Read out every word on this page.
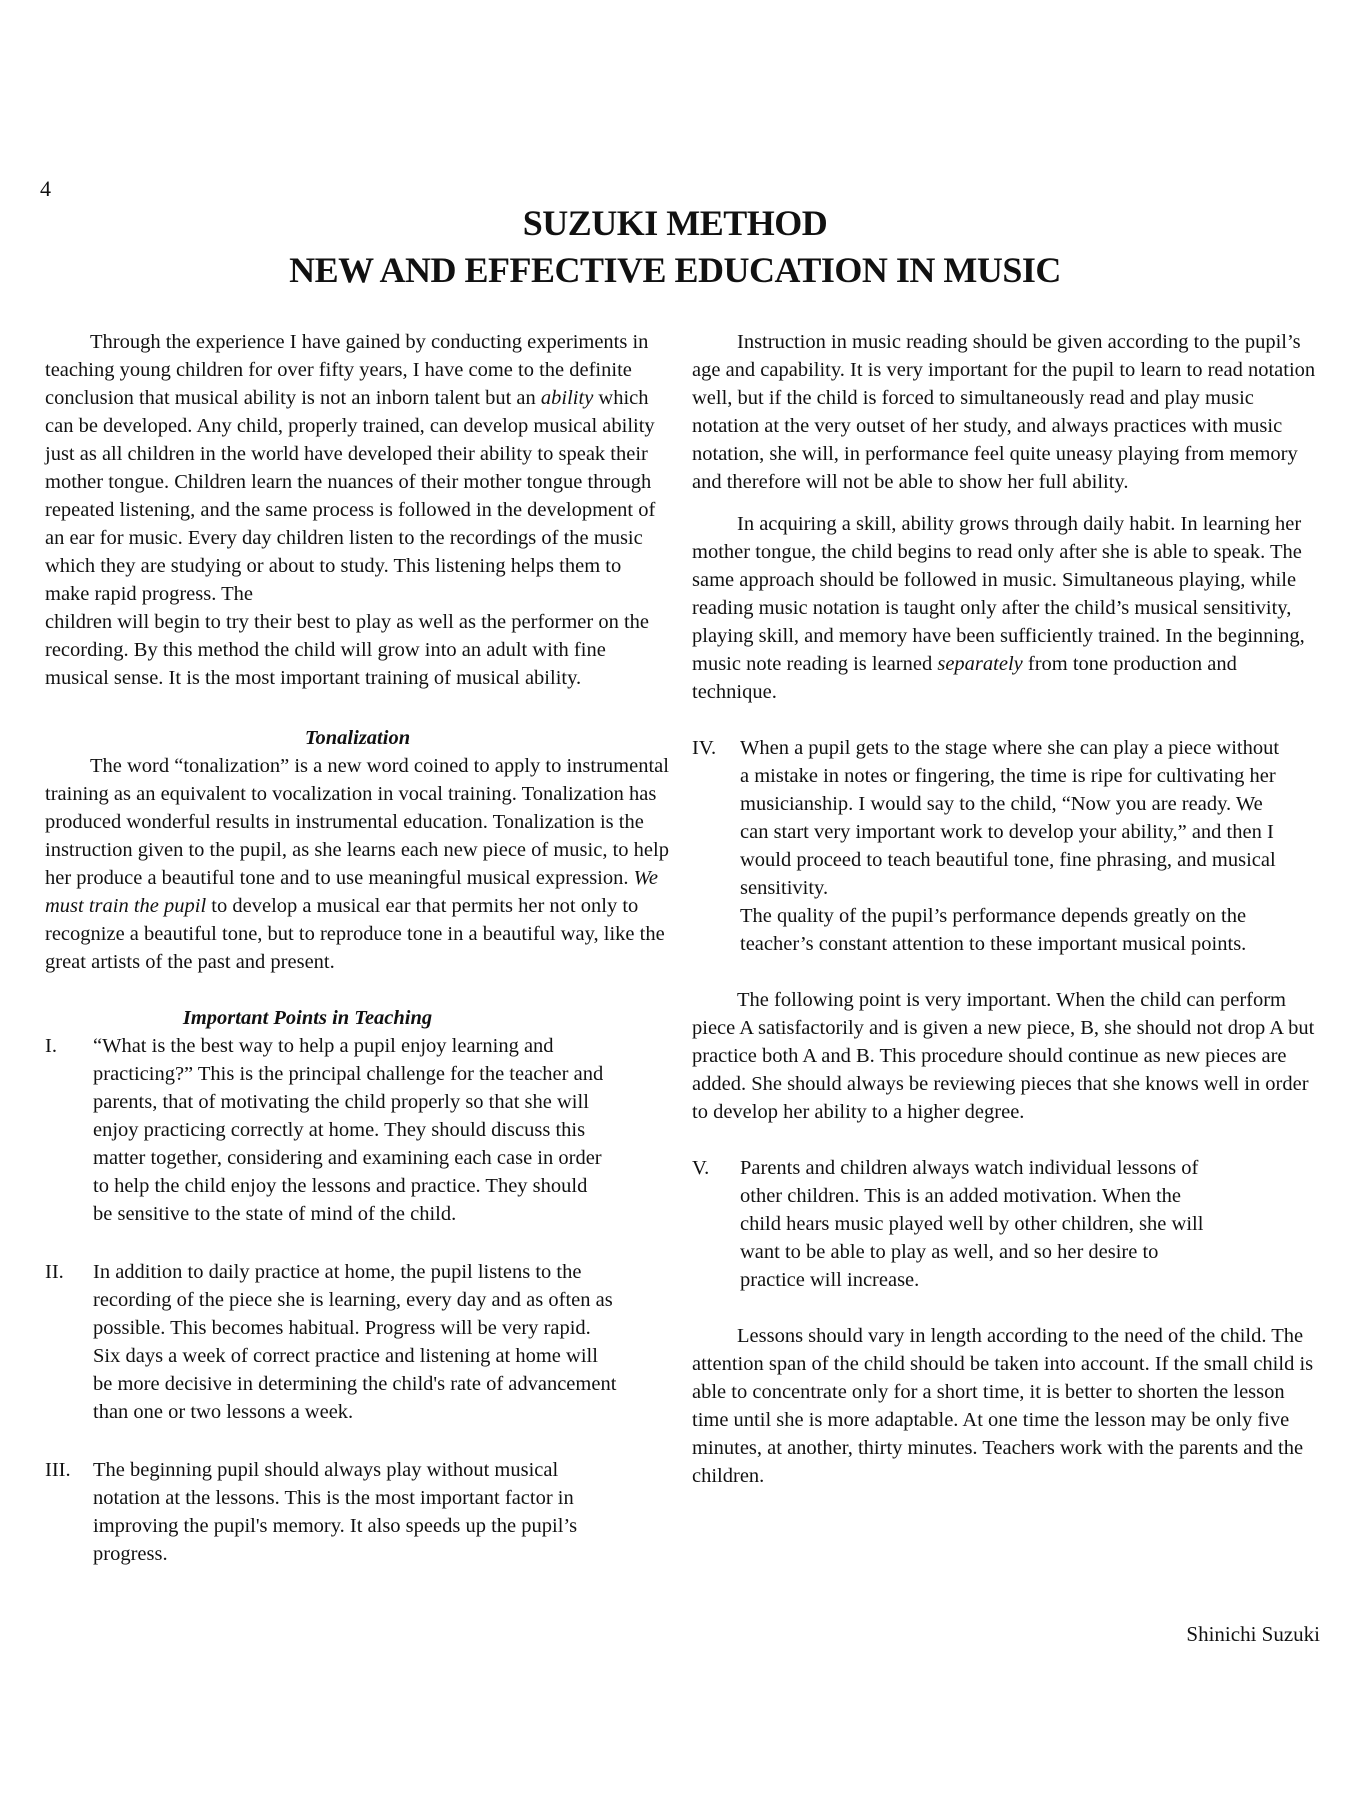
4
SUZUKI METHOD
NEW AND EFFECTIVE EDUCATION IN MUSIC

Through the experience I have gained by conducting experiments in teaching young children for over fifty years, I have come to the definite conclusion that musical ability is not an inborn talent but an ability which can be developed. Any child, properly trained, can develop musical ability just as all children in the world have developed their ability to speak their mother tongue. Children learn the nuances of their mother tongue through repeated listening, and the same process is followed in the development of an ear for music. Every day children listen to the recordings of the music which they are studying or about to study. This listening helps them to make rapid progress. The

children will begin to try their best to play as well as the performer on the recording. By this method the child will grow into an adult with fine musical sense. It is the most important training of musical ability.

Tonalization

The word “tonalization” is a new word coined to apply to instrumental training as an equivalent to vocalization in vocal training. Tonalization has produced wonderful results in instrumental education. Tonalization is the instruction given to the pupil, as she learns each new piece of music, to help her produce a beautiful tone and to use meaningful musical expression. We must train the pupil to develop a musical ear that permits her not only to recognize a beautiful tone, but to reproduce tone in a beautiful way, like the great artists of the past and present.

Important Points in Teaching

I.	“What is the best way to help a pupil enjoy learning and practicing?” This is the principal challenge for the teacher and parents, that of motivating the child properly so that she will enjoy practicing correctly at home. They should discuss this matter together, considering and examining each case in order to help the child enjoy the lessons and practice. They should be sensitive to the state of mind of the child.
II.	In addition to daily practice at home, the pupil listens to the recording of the piece she is learning, every day and as often as possible. This becomes habitual. Progress will be very rapid. Six days a week of correct practice and listening at home will be more decisive in determining the child's rate of advancement than one or two lessons a week.
III.	The beginning pupil should always play without musical notation at the lessons. This is the most important factor in improving the pupil's memory. It also speeds up the pupil’s progress.

Instruction in music reading should be given according to the pupil’s age and capability. It is very important for the pupil to learn to read notation well, but if the child is forced to simultaneously read and play music notation at the very outset of her study, and always practices with music notation, she will, in performance feel quite uneasy playing from memory and therefore will not be able to show her full ability.

In acquiring a skill, ability grows through daily habit. In learning her mother tongue, the child begins to read only after she is able to speak. The same approach should be followed in music. Simultaneous playing, while reading music notation is taught only after the child’s musical sensitivity, playing skill, and memory have been sufficiently trained. In the beginning, music note reading is learned separately from tone production and technique.

IV.	When a pupil gets to the stage where she can play a piece without a mistake in notes or fingering, the time is ripe for cultivating her musicianship. I would say to the child, “Now you are ready. We can start very important work to develop your ability,” and then I would proceed to teach beautiful tone, fine phrasing, and musical sensitivity.
The quality of the pupil’s performance depends greatly on the teacher’s constant attention to these important musical points.

The following point is very important. When the child can perform piece A satisfactorily and is given a new piece, B, she should not drop A but practice both A and B. This procedure should continue as new pieces are added. She should always be reviewing pieces that she knows well in order to develop her ability to a higher degree.

V.	Parents and children always watch individual lessons of other children. This is an added motivation. When the child hears music played well by other children, she will want to be able to play as well, and so her desire to practice will increase.

Lessons should vary in length according to the need of the child. The attention span of the child should be taken into account. If the small child is able to concentrate only for a short time, it is better to shorten the lesson time until she is more adaptable. At one time the lesson may be only five minutes, at another, thirty minutes. Teachers work with the parents and the children.

Shinichi Suzuki
